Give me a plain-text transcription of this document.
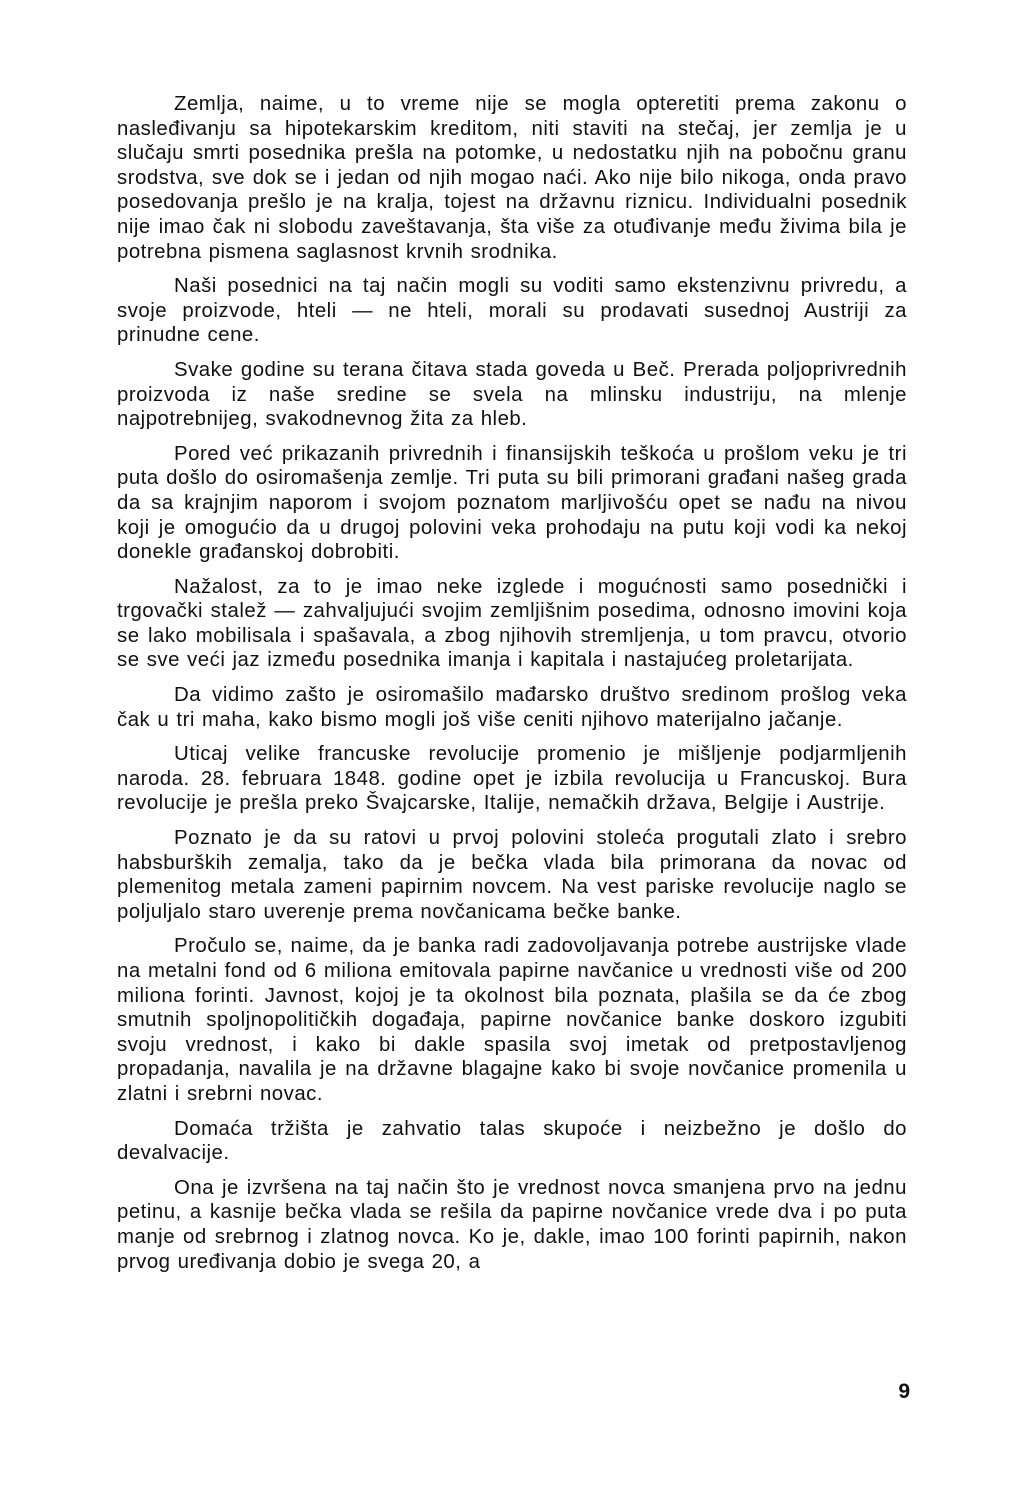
Zemlja, naime, u to vreme nije se mogla opteretiti prema zakonu o nasleđivanju sa hipotekarskim kreditom, niti staviti na stečaj, jer zemlja je u slučaju smrti posednika prešla na potomke, u nedostatku njih na pobočnu granu srodstva, sve dok se i jedan od njih mogao naći. Ako nije bilo nikoga, onda pravo posedovanja prešlo je na kralja, tojest na državnu riznicu. Individualni posednik nije imao čak ni slobodu zaveštavanja, šta više za otuđivanje među živima bila je potrebna pismena saglasnost krvnih srodnika.

Naši posednici na taj način mogli su voditi samo ekstenzivnu privredu, a svoje proizvode, hteli — ne hteli, morali su prodavati susednoj Austriji za prinudne cene.

Svake godine su terana čitava stada goveda u Beč. Prerada poljoprivrednih proizvoda iz naše sredine se svela na mlinsku industriju, na mlenje najpotrebnijeg, svakodnevnog žita za hleb.

Pored već prikazanih privrednih i finansijskih teškoća u prošlom veku je tri puta došlo do osiromašenja zemlje. Tri puta su bili primorani građani našeg grada da sa krajnjim naporom i svojom poznatom marljivošću opet se nađu na nivou koji je omogućio da u drugoj polovini veka prohodaju na putu koji vodi ka nekoj donekle građanskoj dobrobiti.

Nažalost, za to je imao neke izglede i mogućnosti samo posednički i trgovački stalež — zahvaljujući svojim zemljišnim posedima, odnosno imovini koja se lako mobilisala i spašavala, a zbog njihovih stremljenja, u tom pravcu, otvorio se sve veći jaz između posednika imanja i kapitala i nastajućeg proletarijata.

Da vidimo zašto je osiromašilo mađarsko društvo sredinom prošlog veka čak u tri maha, kako bismo mogli još više ceniti njihovo materijalno jačanje.

Uticaj velike francuske revolucije promenio je mišljenje podjarmljenih naroda. 28. februara 1848. godine opet je izbila revolucija u Francuskoj. Bura revolucije je prešla preko Švajcarske, Italije, nemačkih država, Belgije i Austrije.

Poznato je da su ratovi u prvoj polovini stoleća progutali zlato i srebro habsburških zemalja, tako da je bečka vlada bila primorana da novac od plemenitog metala zameni papirnim novcem. Na vest pariske revolucije naglo se poljuljalo staro uverenje prema novčanicama bečke banke.

Pročulo se, naime, da je banka radi zadovoljavanja potrebe austrijske vlade na metalni fond od 6 miliona emitovala papirne navčanice u vrednosti više od 200 miliona forinti. Javnost, kojoj je ta okolnost bila poznata, plašila se da će zbog smutnih spoljnopolitičkih događaja, papirne novčanice banke doskoro izgubiti svoju vrednost, i kako bi dakle spasila svoj imetak od pretpostavljenog propadanja, navalila je na državne blagajne kako bi svoje novčanice promenila u zlatni i srebrni novac.

Domaća tržišta je zahvatio talas skupoće i neizbežno je došlo do devalvacije.

Ona je izvršena na taj način što je vrednost novca smanjena prvo na jednu petinu, a kasnije bečka vlada se rešila da papirne novčanice vrede dva i po puta manje od srebrnog i zlatnog novca. Ko je, dakle, imao 100 forinti papirnih, nakon prvog uređivanja dobio je svega 20, a

9
